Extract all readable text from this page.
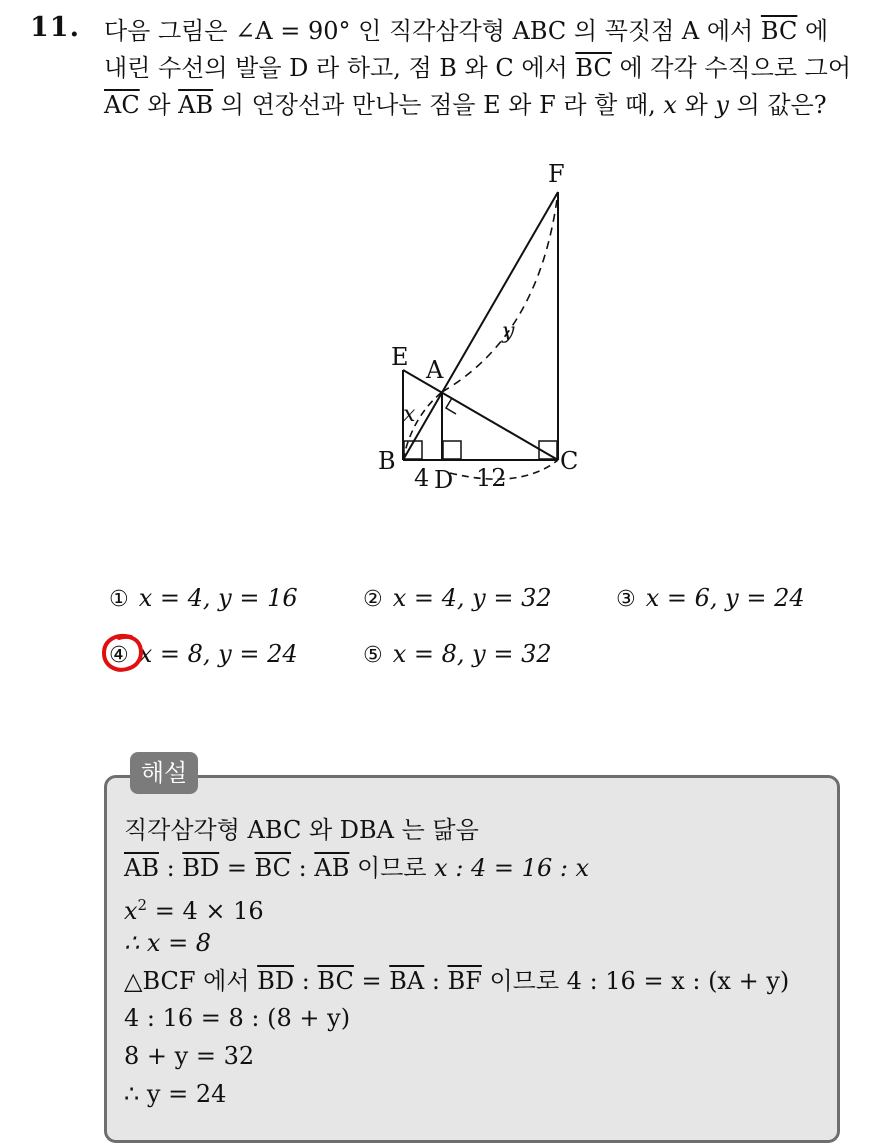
11. 다음 그림은 ∠A = 90° 인 직각삼각형 ABC 의 꼭짓점 A 에서 $\overline{BC}$ 에
내린 수선의 발을 D 라 하고, 점 B 와 C 에서 $\overline{BC}$ 에 각각 수직으로 그어
$\overline{AC}$ 와 $\overline{AB}$ 의 연장선과 만나는 점을 E 와 F 라 할 때, x 와 y 의 값은?
F
E A
B	C
D
x
y
4 12
① x = 4, y = 16	② x = 4, y = 32	③ x = 6, y = 24
④ x = 8, y = 24	⑤ x = 8, y = 32
해설
직각삼각형 ABC 와 DBA 는 닮음
$\overline{AB}$ : $\overline{BD} = \overline{BC}$ : $\overline{AB}$ 이므로 x : 4 = 16 : x
$x^2 = 4 \times 16$
∴ x = 8
△BCF 에서 $\overline{BD}$ : $\overline{BC} = \overline{BA}$ : $\overline{BF}$ 이므로 4 : 16 = x : (x + y)
4 : 16 = 8 : (8 + y)
8 + y = 32
∴ y = 24
